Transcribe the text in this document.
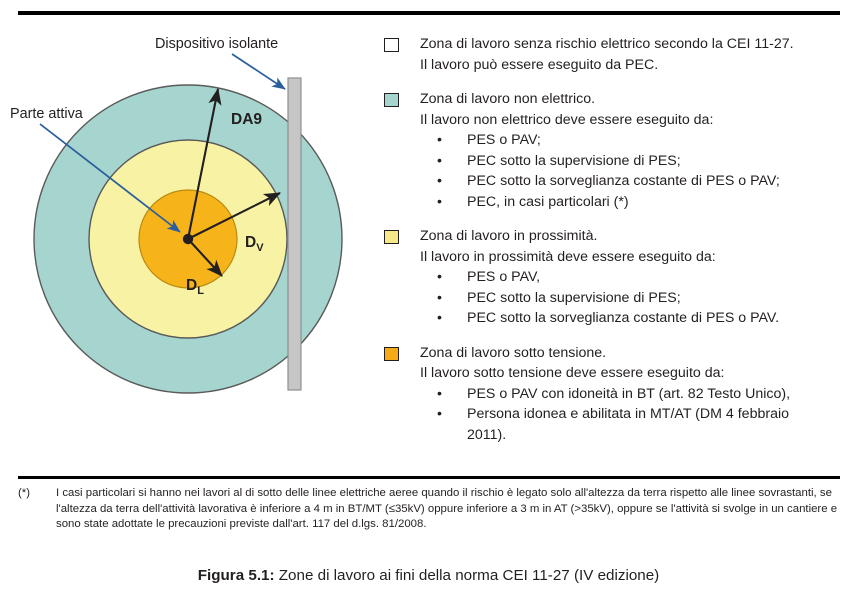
Dispositivo isolante
Parte attiva	DA9
$D_V$
$D_L$
Zona di lavoro senza rischio elettrico secondo la CEI 11-27.
Il lavoro può essere eseguito da PEC.
Zona di lavoro non elettrico.
Il lavoro non elettrico deve essere eseguito da:
• PES o PAV;
• PEC sotto la supervisione di PES;
• PEC sotto la sorveglianza costante di PES o PAV;
• PEC, in casi particolari (*)
Zona di lavoro in prossimità.
Il lavoro in prossimità deve essere eseguito da:
• PES o PAV,
• PEC sotto la supervisione di PES;
• PEC sotto la sorveglianza costante di PES o PAV.
Zona di lavoro sotto tensione.
Il lavoro sotto tensione deve essere eseguito da:
• PES o PAV con idoneità in BT (art. 82 Testo Unico),
• Persona idonea e abilitata in MT/AT (DM 4 febbraio
2011).
(*)	I casi particolari si hanno nei lavori al di sotto delle linee elettriche aeree quando il rischio è legato solo all'altezza da terra rispetto alle linee sovrastanti, se l'altezza da terra dell'attività lavorativa è inferiore a 4 m in BT/MT (≤35kV) oppure inferiore a 3 m in AT (>35kV), oppure se l'attività si svolge in un cantiere e sono state adottate le precauzioni previste dall'art. 117 del d.lgs. 81/2008.
Figura 5.1: Zone di lavoro ai fini della norma CEI 11-27 (IV edizione)
